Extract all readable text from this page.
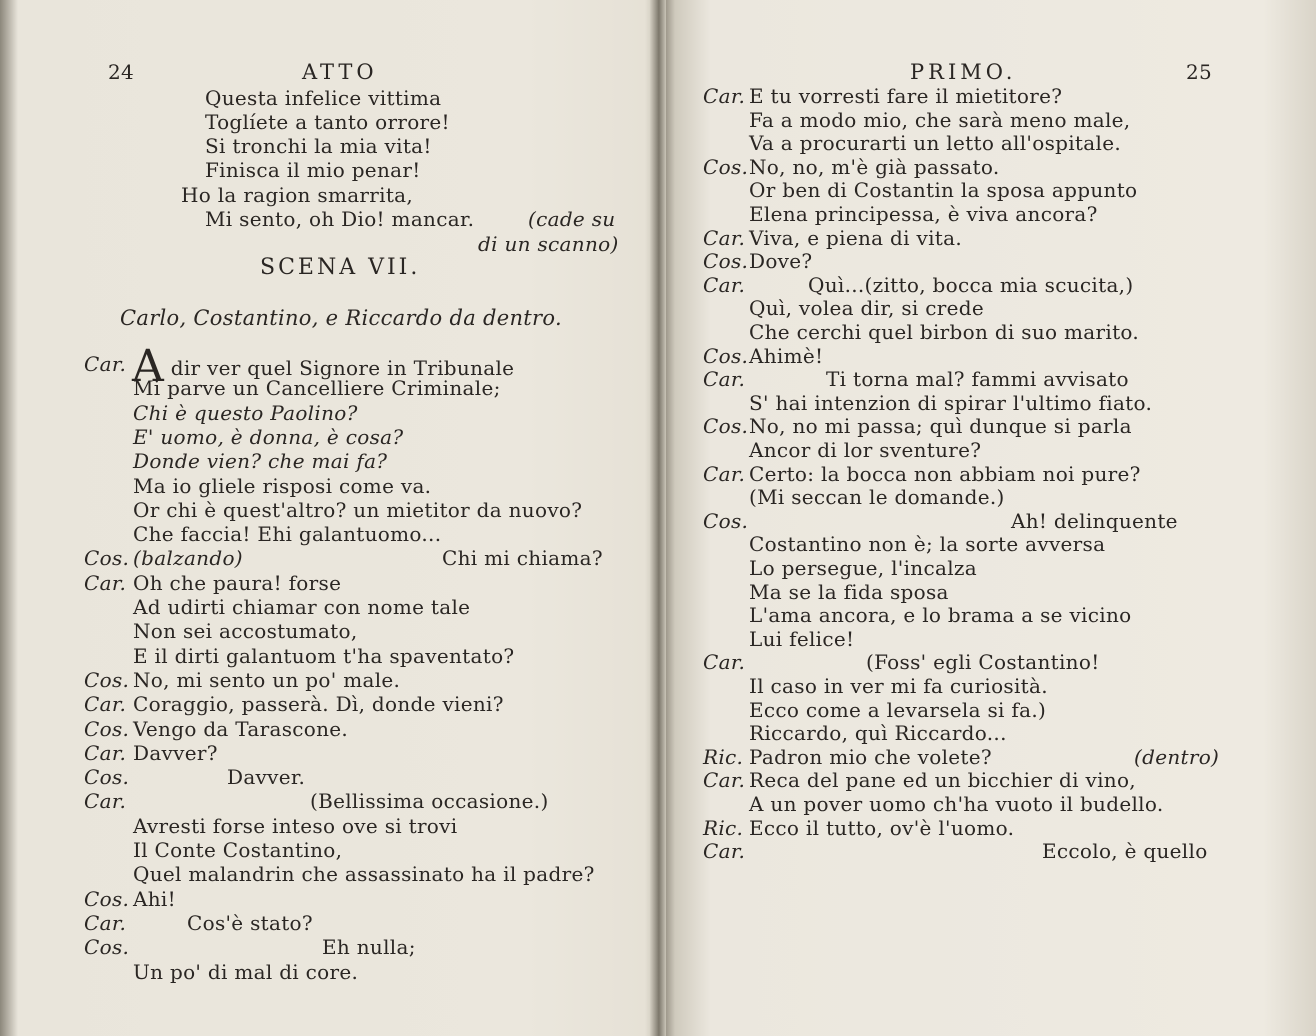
24	ATTO
Questa infelice vittima
Toglíete a tanto orrore!
Si tronchi la mia vita!
Finisca il mio penar!
Ho la ragion smarrita,
Mi sento, oh Dio! mancar.	(cade su
di un scanno)
SCENA VII.
Carlo, Costantino, e Riccardo da dentro.
Car. A dir ver quel Signore in Tribunale
Mi parve un Cancelliere Criminale;
Chi è questo Paolino?
E' uomo, è donna, è cosa?
Donde vien? che mai fa?
Ma io gliele risposi come va.
Or chi è quest'altro? un mietitor da nuovo?
Che faccia! Ehi galantuomo...
Cos. (balzando)	Chi mi chiama?
Car. Oh che paura! forse
Ad udirti chiamar con nome tale
Non sei accostumato,
E il dirti galantuom t'ha spaventato?
Cos. No, mi sento un po' male.
Car. Coraggio, passerà. Dì, donde vieni?
Cos. Vengo da Tarascone.
Car. Davver?
Cos.	Davver.
Car.	(Bellissima occasione.)
Avresti forse inteso ove si trovi
Il Conte Costantino,
Quel malandrin che assassinato ha il padre?
Cos. Ahi!
Car.	Cos'è stato?
Cos.	Eh nulla;
Un po' di mal di core.
PRIMO.	25
Car. E tu vorresti fare il mietitore?
Fa a modo mio, che sarà meno male,
Va a procurarti un letto all'ospitale.
Cos. No, no, m'è già passato.
Or ben di Costantin la sposa appunto
Elena principessa, è viva ancora?
Car. Viva, e piena di vita.
Cos. Dove?
Car.	Quì...(zitto, bocca mia scucita,)
Quì, volea dir, si crede
Che cerchi quel birbon di suo marito.
Cos. Ahimè!
Car.	Ti torna mal? fammi avvisato
S' hai intenzion di spirar l'ultimo fiato.
Cos. No, no mi passa; quì dunque si parla
Ancor di lor sventure?
Car. Certo: la bocca non abbiam noi pure?
(Mi seccan le domande.)
Cos.	Ah! delinquente
Costantino non è; la sorte avversa
Lo persegue, l'incalza
Ma se la fida sposa
L'ama ancora, e lo brama a se vicino
Lui felice!
Car.	(Foss' egli Costantino!
Il caso in ver mi fa curiosità.
Ecco come a levarsela si fa.)
Riccardo, quì Riccardo...
Ric. Padron mio che volete?	(dentro)
Car. Reca del pane ed un bicchier di vino,
A un pover uomo ch'ha vuoto il budello.
Ric. Ecco il tutto, ov'è l'uomo.
Car.	Eccolo, è quello
